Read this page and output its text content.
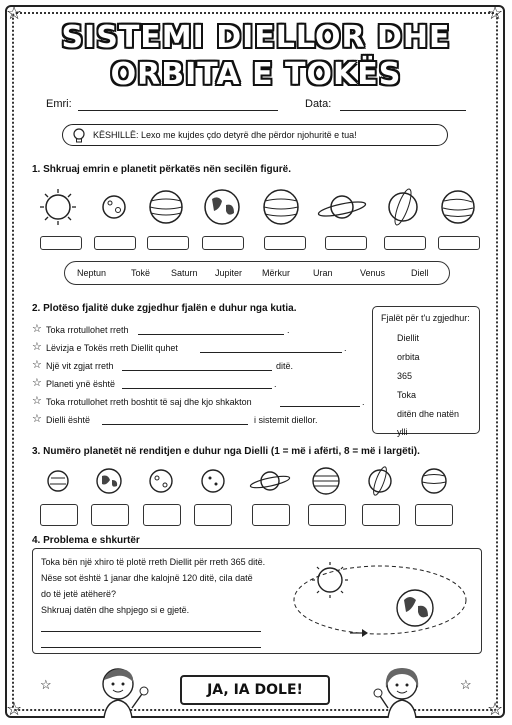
☆	☆
☆	☆
☆	☆
SISTEMI DIELLOR DHE
ORBITA E TOKËS
Emri:	Data:
KËSHILLË: Lexo me kujdes çdo detyrë dhe përdor njohuritë e tua!
1. Shkruaj emrin e planetit përkatës nën secilën figurë.
Neptun	Tokë Saturn Jupiter Mërkur	Uran	Venus	Diell
2. Plotëso fjalitë duke zgjedhur fjalën e duhur nga kutia.
☆ Toka rrotullohet rreth	.
☆ Lëvizja e Tokës rreth Diellit quhet	.
☆ Një vit zgjat rreth	ditë.
☆ Planeti ynë është	.
☆ Toka rrotullohet rreth boshtit të saj dhe kjo shkakton	.
☆ Dielli është	i sistemit diellor.
Fjalët për t'u zgjedhur:
Diellit
orbita
365
Toka
ditën dhe natën
ylli
3. Numëro planetët në renditjen e duhur nga Dielli (1 = më i afërti, 8 = më i largëti).
4. Problema e shkurtër
Toka bën një xhiro të plotë rreth Diellit për rreth 365 ditë.
Nëse sot është 1 janar dhe kalojnë 120 ditë, cila datë
do të jetë atëherë?
Shkruaj datën dhe shpjego si e gjetë.
JA, IA DOLE!
